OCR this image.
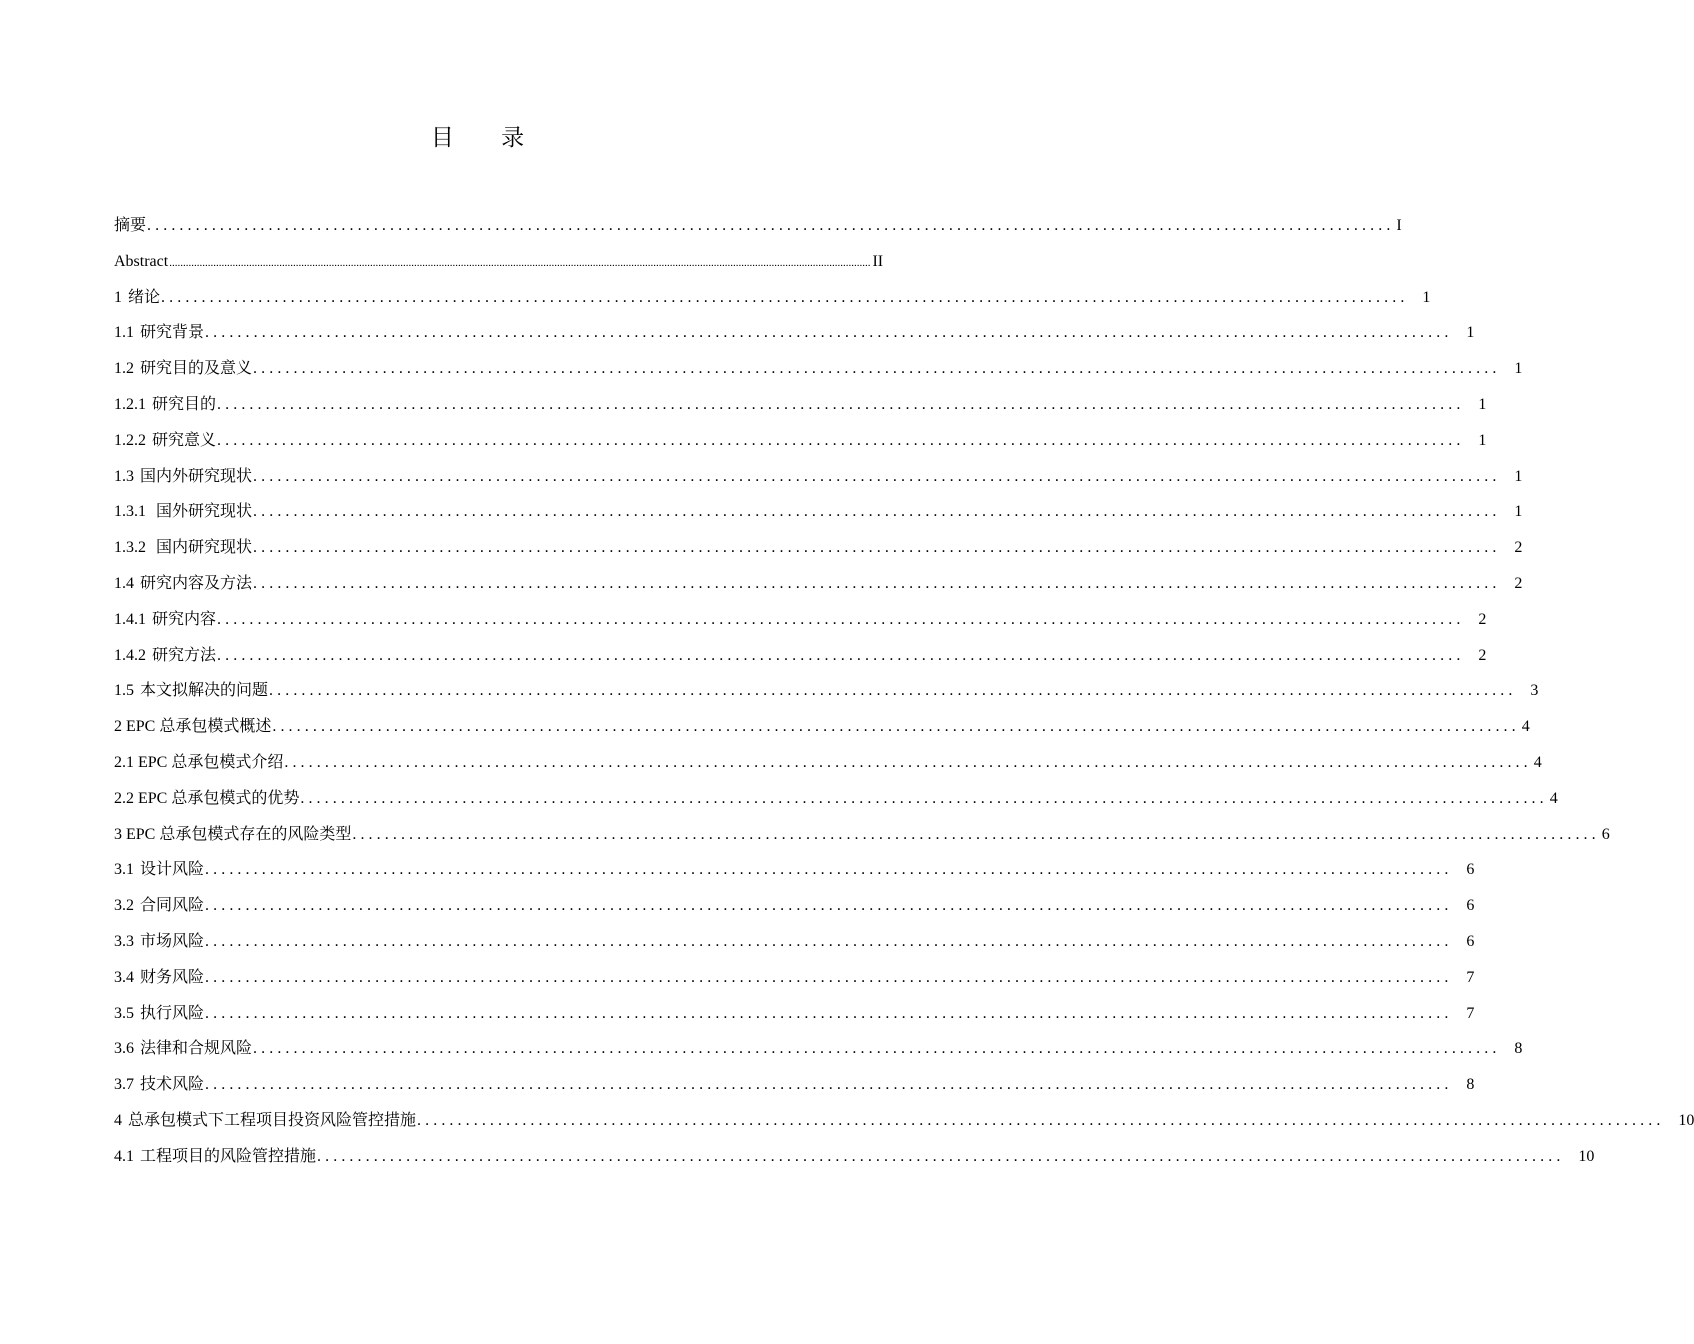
目 录
摘要 .......................................................................................................................................................... I
Abstract ............................................................................................................................................................................................................................................................... II
1 绪论 .......................................................................................................................................................... 1
1.1 研究背景 .......................................................................................................................................................... 1
1.2 研究目的及意义 .......................................................................................................................................................... 1
1.2.1 研究目的 .......................................................................................................................................................... 1
1.2.2 研究意义 .......................................................................................................................................................... 1
1.3 国内外研究现状 .......................................................................................................................................................... 1
1.3.1 国外研究现状 .......................................................................................................................................................... 1
1.3.2 国内研究现状 .......................................................................................................................................................... 2
1.4 研究内容及方法 .......................................................................................................................................................... 2
1.4.1 研究内容 .......................................................................................................................................................... 2
1.4.2 研究方法 .......................................................................................................................................................... 2
1.5 本文拟解决的问题 .......................................................................................................................................................... 3
2 EPC 总承包模式概述 .......................................................................................................................................................... 4
2.1 EPC 总承包模式介绍 .......................................................................................................................................................... 4
2.2 EPC 总承包模式的优势 .......................................................................................................................................................... 4
3 EPC 总承包模式存在的风险类型 .......................................................................................................................................................... 6
3.1 设计风险 .......................................................................................................................................................... 6
3.2 合同风险 .......................................................................................................................................................... 6
3.3 市场风险 .......................................................................................................................................................... 6
3.4 财务风险 .......................................................................................................................................................... 7
3.5 执行风险 .......................................................................................................................................................... 7
3.6 法律和合规风险 .......................................................................................................................................................... 8
3.7 技术风险 .......................................................................................................................................................... 8
4 总承包模式下工程项目投资风险管控措施 .......................................................................................................................................................... 10
4.1 工程项目的风险管控措施 .......................................................................................................................................................... 10
